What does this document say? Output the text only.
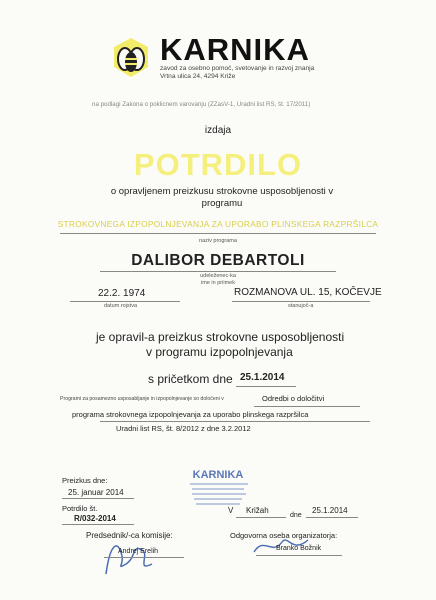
KARNIKA
zavod za osebno pomoč, svetovanje in razvoj znanja
Vrtna ulica 24, 4294 Križe
na podlagi Zakona o poklicnem varovanju (ZZasV-1, Uradni list RS, št. 17/2011)
izdaja
POTRDILO
o opravljenem preizkusu strokovne usposobljenosti v
programu
STROKOVNEGA IZPOPOLNJEVANJA ZA UPORABO PLINSKEGA RAZPRŠILCA
naziv programa
DALIBOR DEBARTOLI
udeleženec-ka
ime in priimek
22.2. 1974
datum rojstva
ROZMANOVA UL. 15, KOČEVJE
stanujoč-a
je opravil-a preizkus strokovne usposobljenosti
v programu izpopolnjevanja
s pričetkom dne 25.1.2014
Programi za posamezno usposabljanje in izpopolnjevanje so določeni v	Odredbi o določitvi
programa strokovnega izpopolnjevanja za uporabo plinskega razpršilca
Uradni list RS, št. 8/2012 z dne 3.2.2012
Preizkus dne:
25. januar 2014
Potrdilo št.
R/032-2014
KARNIKA
V Križah
dne
25.1.2014
Predsednik/-ca komisije:	Odgovorna oseba organizatorja:
Andrej Erelih	Branko Božnik
